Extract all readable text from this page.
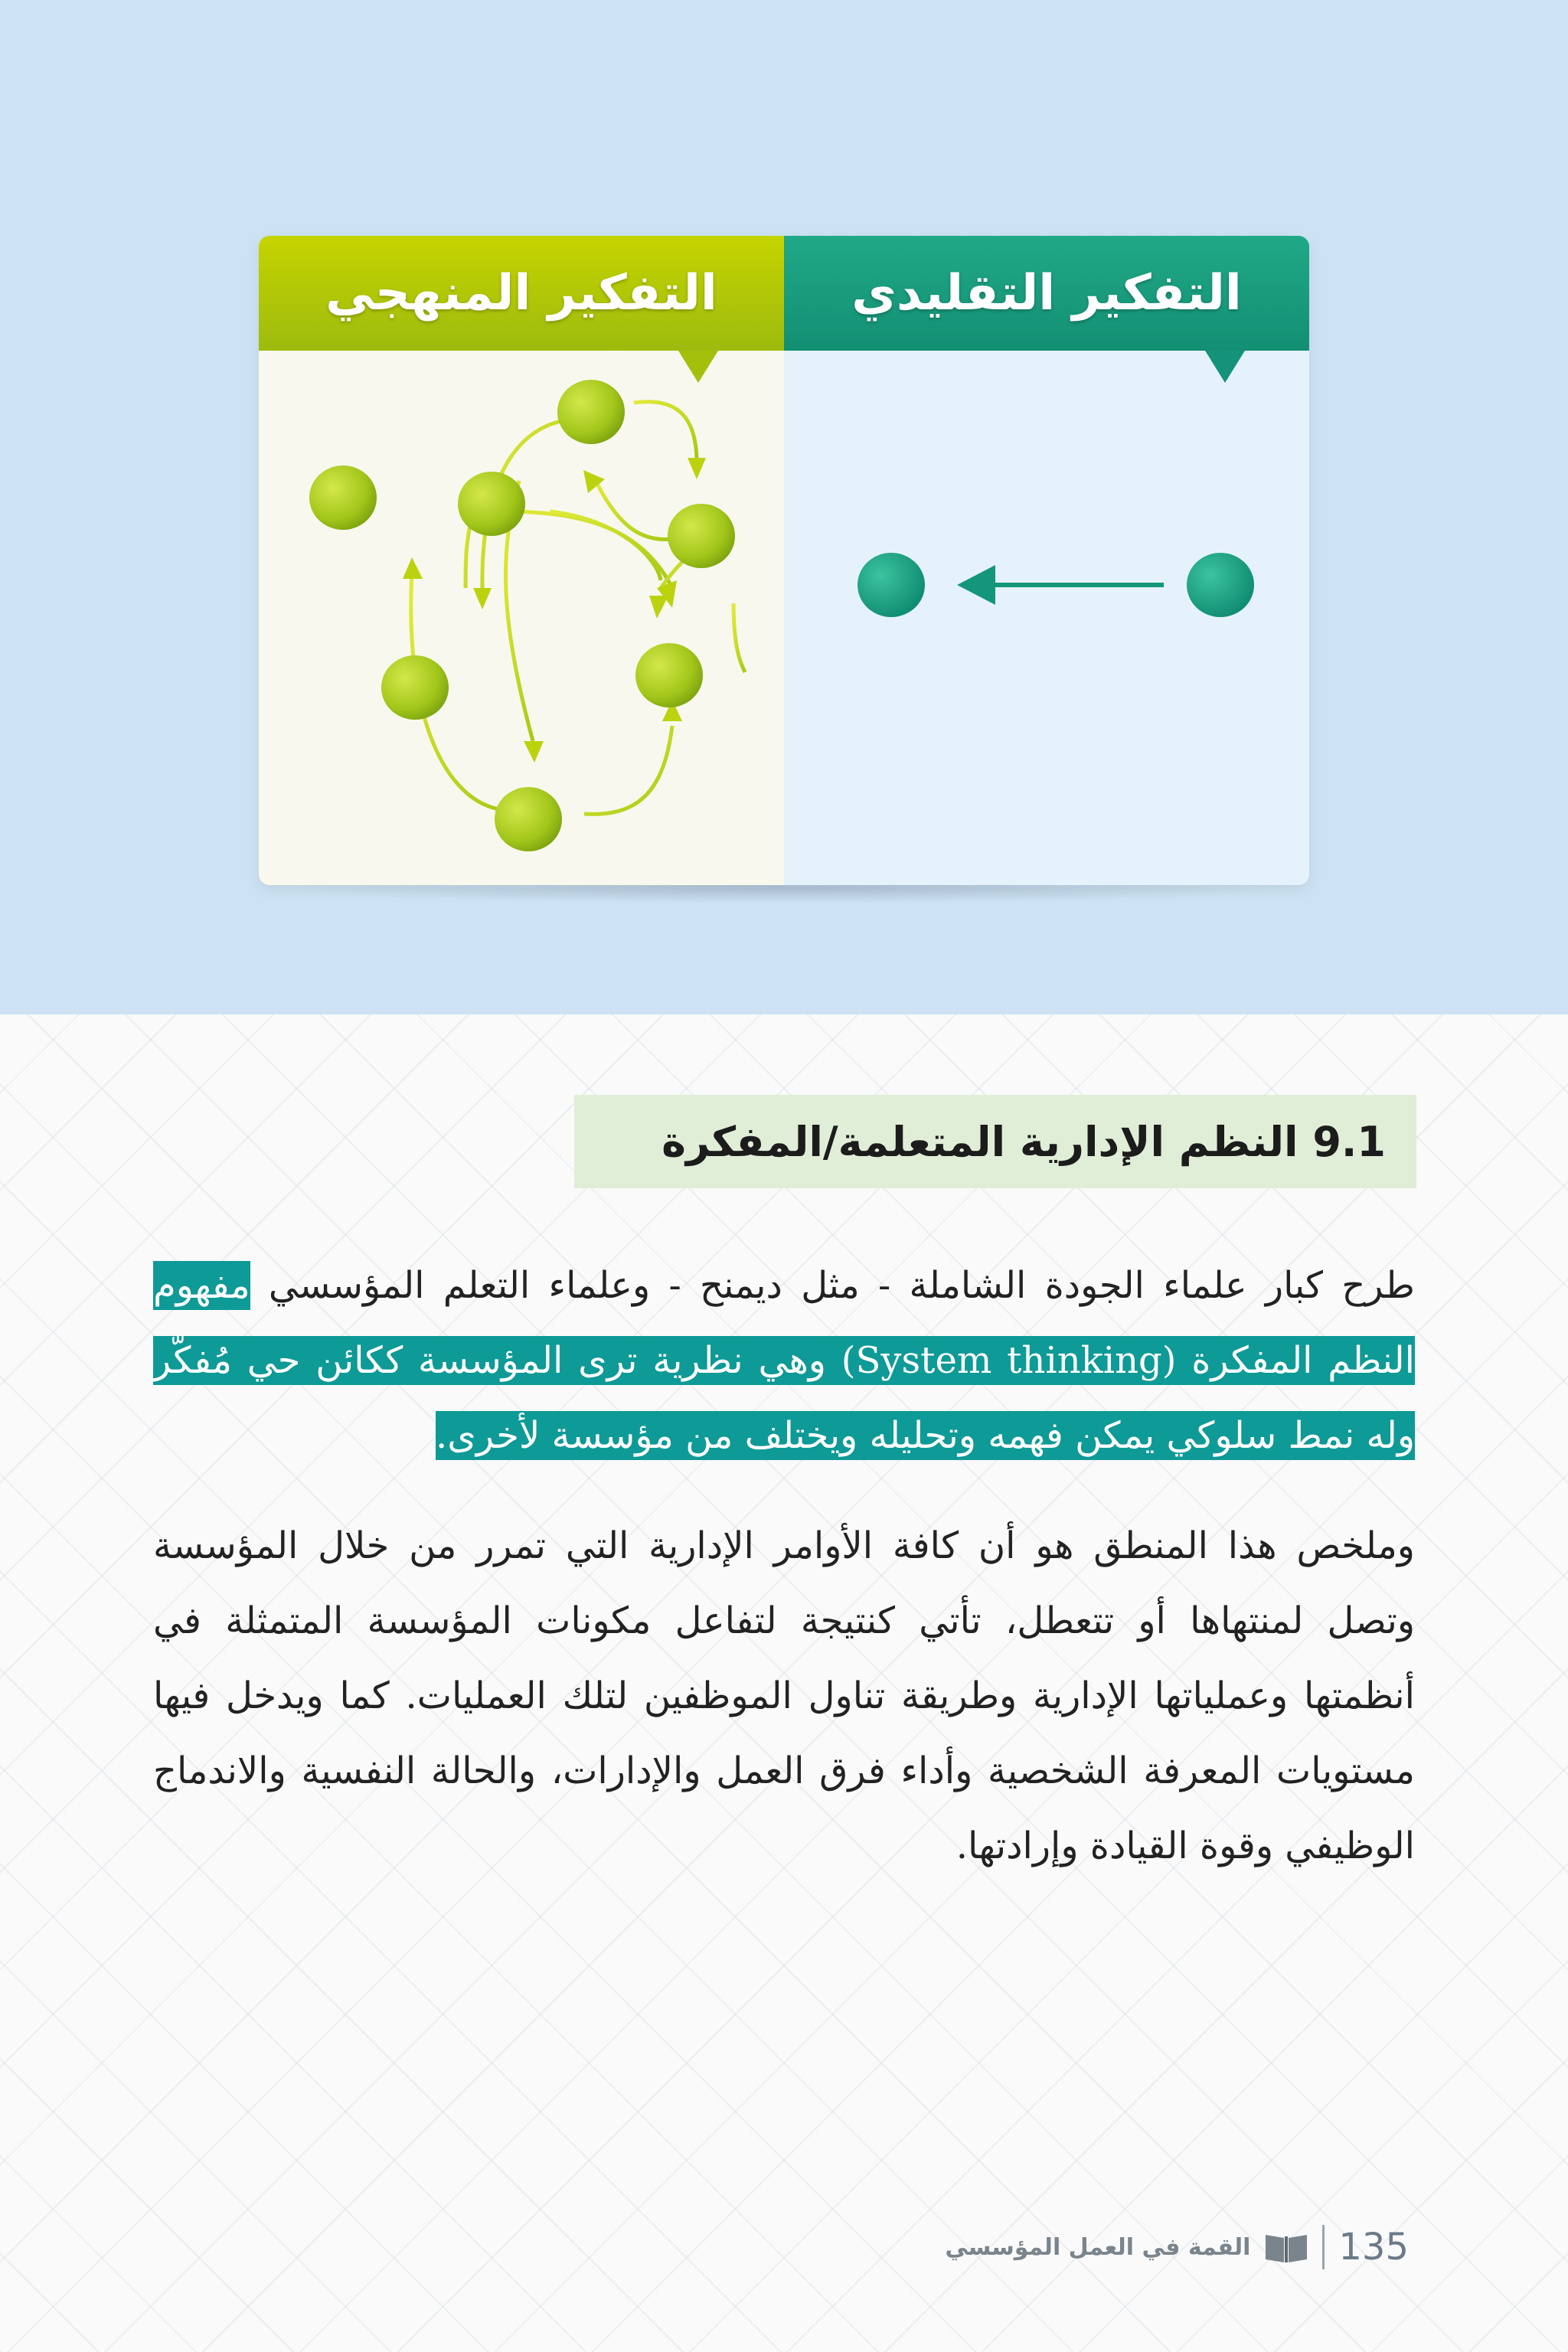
التفكير المنهجي	التفكير التقليدي
9.1 النظم الإدارية المتعلمة/المفكرة
طرح كبار علماء الجودة الشاملة - مثل ديمنح - وعلماء التعلم المؤسسي مفهوم النظم المفكرة (System thinking) وهي نظرية ترى المؤسسة ككائن حي مُفكّر وله نمط سلوكي يمكن فهمه وتحليله ويختلف من مؤسسة لأخرى.
وملخص هذا المنطق هو أن كافة الأوامر الإدارية التي تمرر من خلال المؤسسة وتصل لمنتهاها أو تتعطل، تأتي كنتيجة لتفاعل مكونات المؤسسة المتمثلة في أنظمتها وعملياتها الإدارية وطريقة تناول الموظفين لتلك العمليات. كما ويدخل فيها مستويات المعرفة الشخصية وأداء فرق العمل والإدارات، والحالة النفسية والاندماج الوظيفي وقوة القيادة وإرادتها.
135
القمة في العمل المؤسسي
